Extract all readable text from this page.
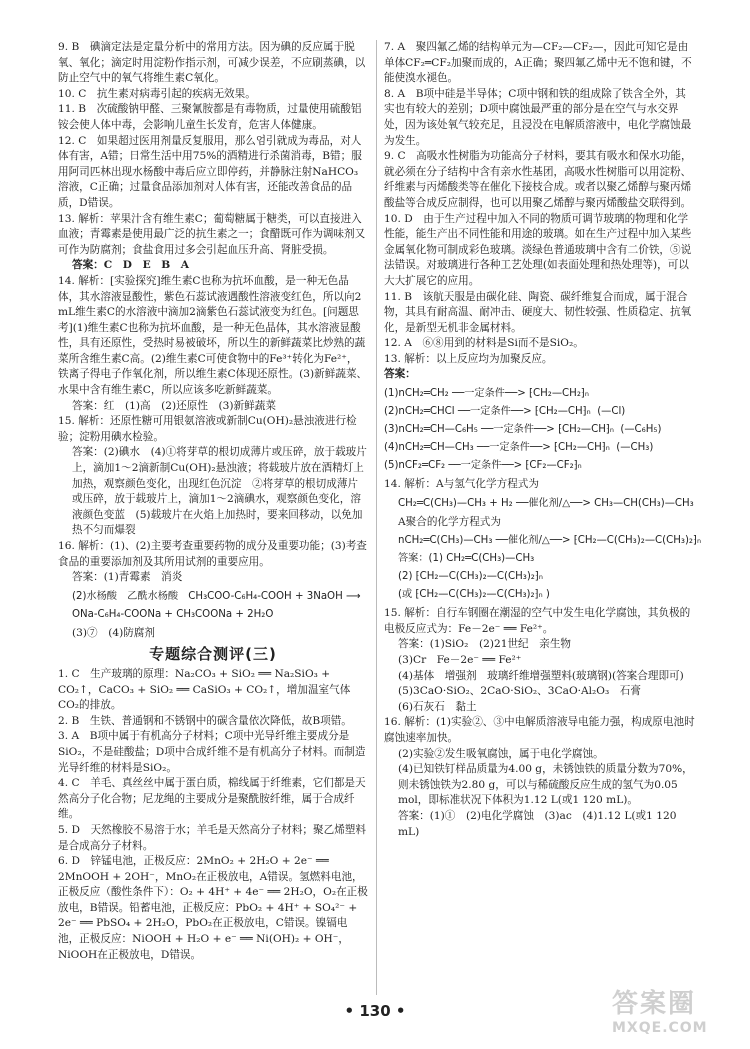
9. B　碘滴定法是定量分析中的常用方法。因为碘的反应属于脱氧、氧化；滴定时用淀粉作指示剂，可减少误差，不应刷蒸碘，以防止空气中的氧气将维生素C氧化。

10. C　抗生素对病毒引起的疾病无效果。

11. B　次硫酸钠甲醛、三聚氰胺都是有毒物质，过量使用硫酸铝铵会使人体中毒，会影响儿童生长发育，危害人体健康。

12. C　如果超过医用剂量反复服用，那么엄引就成为毒品，对人体有害，A错；日常生活中用75%的酒精进行杀菌消毒，B错；服用阿司匹林出现水杨酸中毒后应立即停药，并静脉注射NaHCO₃溶液，C正确；过量食品添加剂对人体有害，还能改善食品的品质，D错误。

13. 解析：苹果汁含有维生素C；葡萄糖属于糖类，可以直接进入血液；青霉素是使用最广泛的抗生素之一；食醋既可作为调味剂又可作为防腐剂；食盐食用过多会引起血压升高、肾脏受损。

答案：C　D　E　B　A

14. 解析：[实验探究]维生素C也称为抗坏血酸，是一种无色晶体，其水溶液显酸性，紫色石蕊试液遇酸性溶液变红色，所以向2 mL维生素C的水溶液中滴加2滴紫色石蕊试液变为红色。[问题思考](1)维生素C也称为抗坏血酸，是一种无色晶体，其水溶液显酸性，具有还原性，受热时易被破坏，所以生的新鲜蔬菜比炒熟的蔬菜所含维生素C高。(2)维生素C可使食物中的Fe³⁺转化为Fe²⁺，铁离子得电子作氧化剂，所以维生素C体现还原性。(3)新鲜蔬菜、水果中含有维生素C，所以应该多吃新鲜蔬菜。

答案：红　(1)高　(2)还原性　(3)新鲜蔬菜

15. 解析：还原性糖可用银氨溶液或新制Cu(OH)₂悬浊液进行检验；淀粉用碘水检验。

答案：(2)碘水　(4)①将芽草的根切成薄片或压碎，放于载玻片上，滴加1～2滴新制Cu(OH)₂悬浊液；将载玻片放在酒精灯上加热，观察颜色变化，出现红色沉淀　②将芽草的根切成薄片或压碎，放于载玻片上，滴加1～2滴碘水，观察颜色变化，溶液颜色变蓝　(5)载玻片在火焰上加热时，要来回移动，以免加热不匀而爆裂

16. 解析：(1)、(2)主要考查重要药物的成分及重要功能；(3)考查食品的重要添加剂及其所用试剂的重要应用。

答案：(1)青霉素　消炎

(2)水杨酸　乙酰水杨酸　CH₃COO-C₆H₄-COOH + 3NaOH ⟶

ONa-C₆H₄-COONa + CH₃COONa + 2H₂O

(3)⑦　(4)防腐剂

专题综合测评(三)

1. C　生产玻璃的原理：Na₂CO₃ + SiO₂ ══ Na₂SiO₃ + CO₂↑，CaCO₃ + SiO₂ ══ CaSiO₃ + CO₂↑，增加温室气体CO₂的排放。

2. B　生铁、普通钢和不锈钢中的碳含量依次降低，故B项错。

3. A　B项中属于有机高分子材料；C项中光导纤维主要成分是SiO₂，不是硅酸盐；D项中合成纤维不是有机高分子材料。而制造光导纤维的材料是SiO₂。

4. C　羊毛、真丝丝中属于蛋白质，棉线属于纤维素，它们都是天然高分子化合物；尼龙绳的主要成分是聚酰胺纤维，属于合成纤维。

5. D　天然橡胶不易溶于水；羊毛是天然高分子材料；聚乙烯塑料是合成高分子材料。

6. D　锌锰电池，正极反应：2MnO₂ + 2H₂O + 2e⁻ ══ 2MnOOH + 2OH⁻，MnO₂在正极放电，A错误。氢燃料电池，正极反应（酸性条件下）：O₂ + 4H⁺ + 4e⁻ ══ 2H₂O，O₂在正极放电，B错误。铅蓄电池，正极反应：PbO₂ + 4H⁺ + SO₄²⁻ + 2e⁻ ══ PbSO₄ + 2H₂O，PbO₂在正极放电，C错误。镍镉电池，正极反应：NiOOH + H₂O + e⁻ ══ Ni(OH)₂ + OH⁻，NiOOH在正极放电，D错误。

7. A　聚四氟乙烯的结构单元为—CF₂—CF₂—，因此可知它是由单体CF₂═CF₂加聚而成的，A正确；聚四氟乙烯中无不饱和键，不能使溴水褪色。

8. A　B项中硅是半导体；C项中钢和铁的组成除了铁含全外，其实也有较大的差别；D项中腐蚀最严重的部分是在空气与水交界处，因为该处氧气较充足，且浸没在电解质溶液中，电化学腐蚀最为发生。

9. C　高吸水性树脂为功能高分子材料，要其有吸水和保水功能，就必须在分子结构中含有亲水性基团，高吸水性树脂可以用淀粉、纤维素与丙烯酸类等在催化下接枝合成。或者以聚乙烯醇与聚丙烯酸盐等合成反应制得，也可以用聚乙烯醇与聚丙烯酸盐交联得到。

10. D　由于生产过程中加入不同的物质可调节玻璃的物理和化学性能，能生产出不同性能和用途的玻璃。如在生产过程中加入某些金属氧化物可制成彩色玻璃。淡绿色普通玻璃中含有二价铁，⑤说法错误。对玻璃进行各种工艺处理(如表面处理和热处理等)，可以大大扩展它的应用。

11. B　该航天服是由碳化硅、陶瓷、碳纤维复合而成，属于混合物，其具有耐高温、耐冲击、硬度大、韧性较强、性质稳定、抗氧化，是新型无机非金属材料。

12. A　⑥⑧用到的材料是Si而不是SiO₂。

13. 解析：以上反应均为加聚反应。

答案：

(1)nCH₂═CH₂ ──一定条件──> ⁅CH₂—CH₂⁆ₙ

(2)nCH₂═CHCl ──一定条件──> ⁅CH₂—CH⁆ₙ  (—Cl)

(3)nCH₂═CH—C₆H₅ ──一定条件──> ⁅CH₂—CH⁆ₙ  (—C₆H₅)

(4)nCH₂═CH—CH₃ ──一定条件──> ⁅CH₂—CH⁆ₙ  (—CH₃)

(5)nCF₂═CF₂ ──一定条件──> ⁅CF₂—CF₂⁆ₙ

14. 解析：A与氢气化学方程式为

CH₂═C(CH₃)—CH₃ + H₂ ──催化剂/△──> CH₃—CH(CH₃)—CH₃

A聚合的化学方程式为

nCH₂═C(CH₃)—CH₃ ──催化剂/△──> ⁅CH₂—C(CH₃)₂—C(CH₃)₂⁆ₙ

答案：(1) CH₂═C(CH₃)—CH₃

(2) ⁅CH₂—C(CH₃)₂—C(CH₃)₂⁆ₙ

(或 ⁅CH₂—C(CH₃)₂—C(CH₃)₂⁆ₙ )

15. 解析：自行车钢圈在潮湿的空气中发生电化学腐蚀，其负极的电极反应式为：Fe－2e⁻ ══ Fe²⁺。

答案：(1)SiO₂　(2)21世纪　亲生物

(3)Cr　Fe－2e⁻ ══ Fe²⁺

(4)基体　增强剂　玻璃纤维增强塑料(玻璃钢)(答案合理即可)

(5)3CaO·SiO₂、2CaO·SiO₂、3CaO·Al₂O₃　石膏

(6)石灰石　黏土

16. 解析：(1)实验②、③中电解质溶液导电能力强，构成原电池时腐蚀速率加快。

(2)实验②发生吸氧腐蚀，属于电化学腐蚀。

(4)已知铁钉样品质量为4.00 g，未锈蚀铁的质量分数为70%，则未锈蚀铁为2.80 g，可以与稀硫酸反应生成的氢气为0.05 mol，即标准状况下体积为1.12 L(或1 120 mL)。

答案：(1)①　(2)电化学腐蚀　(3)ac　(4)1.12 L(或1 120 mL)

• 130 •	答案圈
MXQE.COM
